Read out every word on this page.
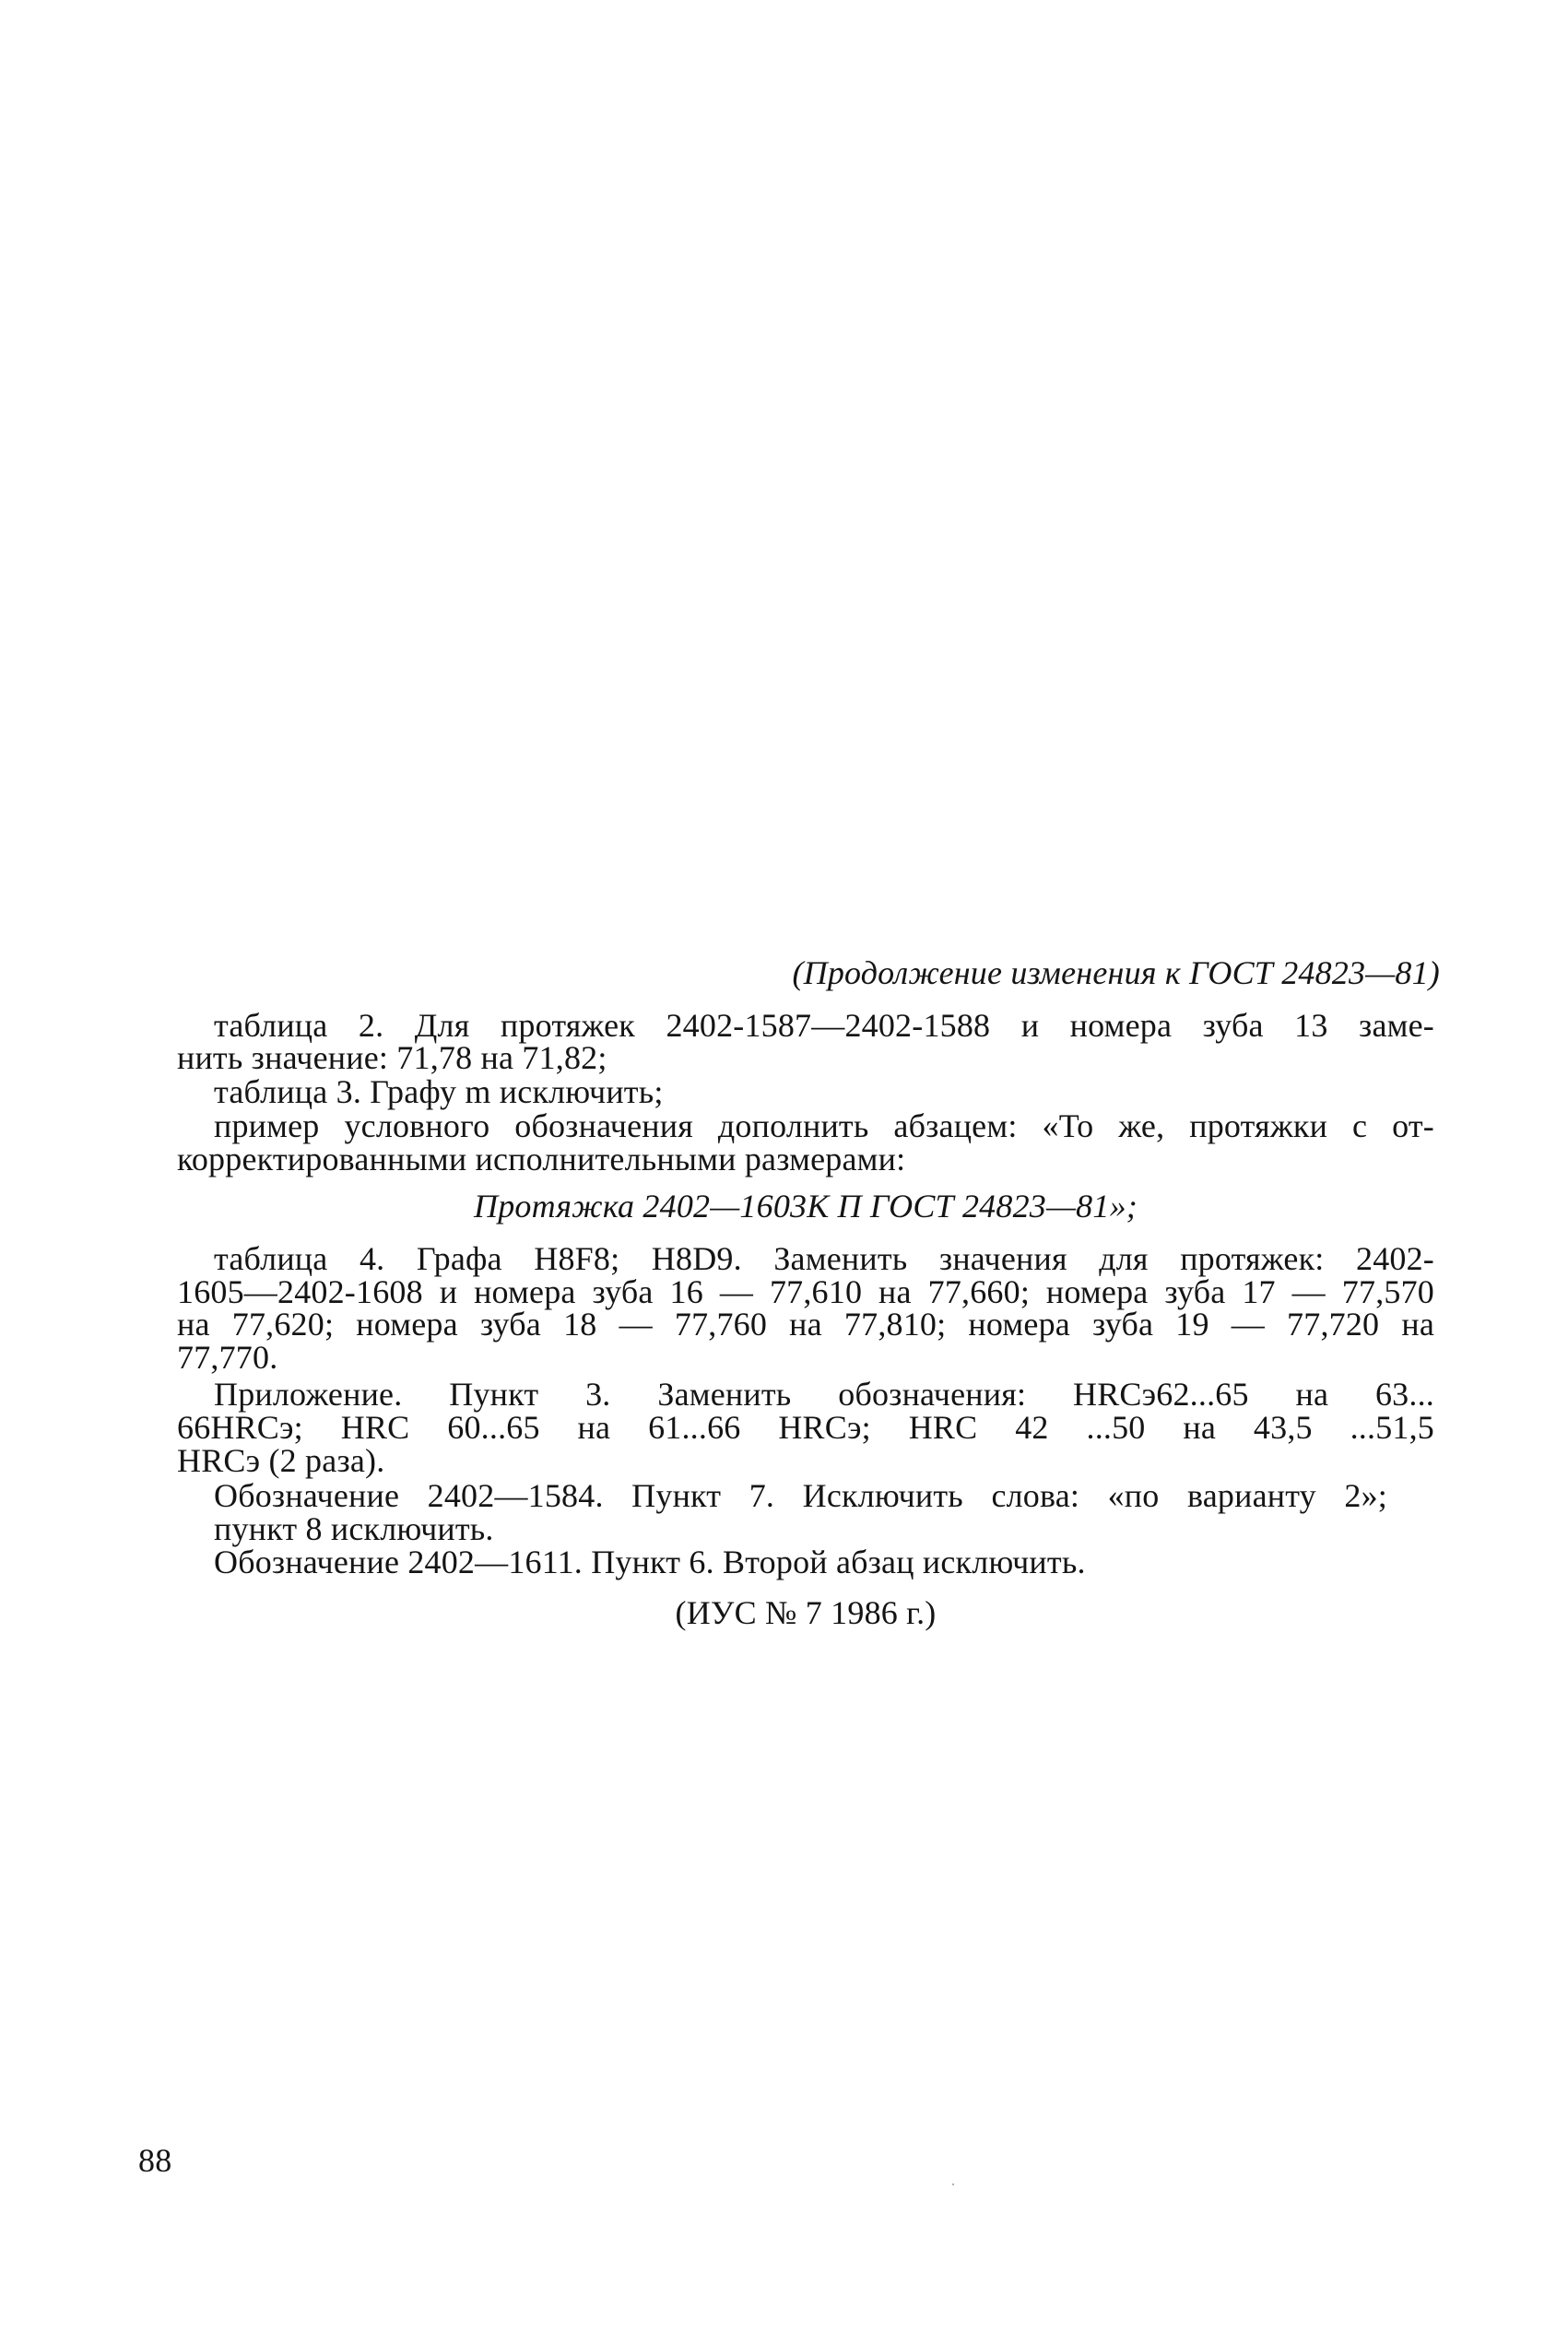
(Продолжение изменения к ГОСТ 24823—81)
таблица 2. Для протяжек 2402-1587—2402-1588 и номера зуба 13 заме-
нить значение: 71,78 на 71,82;
таблица 3. Графу m исключить;
пример условного обозначения дополнить абзацем: «То же, протяжки с от-
корректированными исполнительными размерами:
Протяжка 2402—1603К П ГОСТ 24823—81»;
таблица 4. Графа H8F8; H8D9. Заменить значения для протяжек: 2402-
1605—2402-1608 и номера зуба 16 — 77,610 на 77,660; номера зуба 17 — 77,570
на 77,620; номера зуба 18 — 77,760 на 77,810; номера зуба 19 — 77,720 на
77,770.
Приложение. Пункт 3. Заменить обозначения: HRCэ62...65 на 63...
66HRCэ; HRC 60...65 на 61...66 HRCэ; HRC 42 ...50 на 43,5 ...51,5
HRCэ (2 раза).
Обозначение 2402—1584. Пункт 7. Исключить слова: «по варианту 2»;
пункт 8 исключить.
Обозначение 2402—1611. Пункт 6. Второй абзац исключить.
(ИУС № 7 1986 г.)
88
